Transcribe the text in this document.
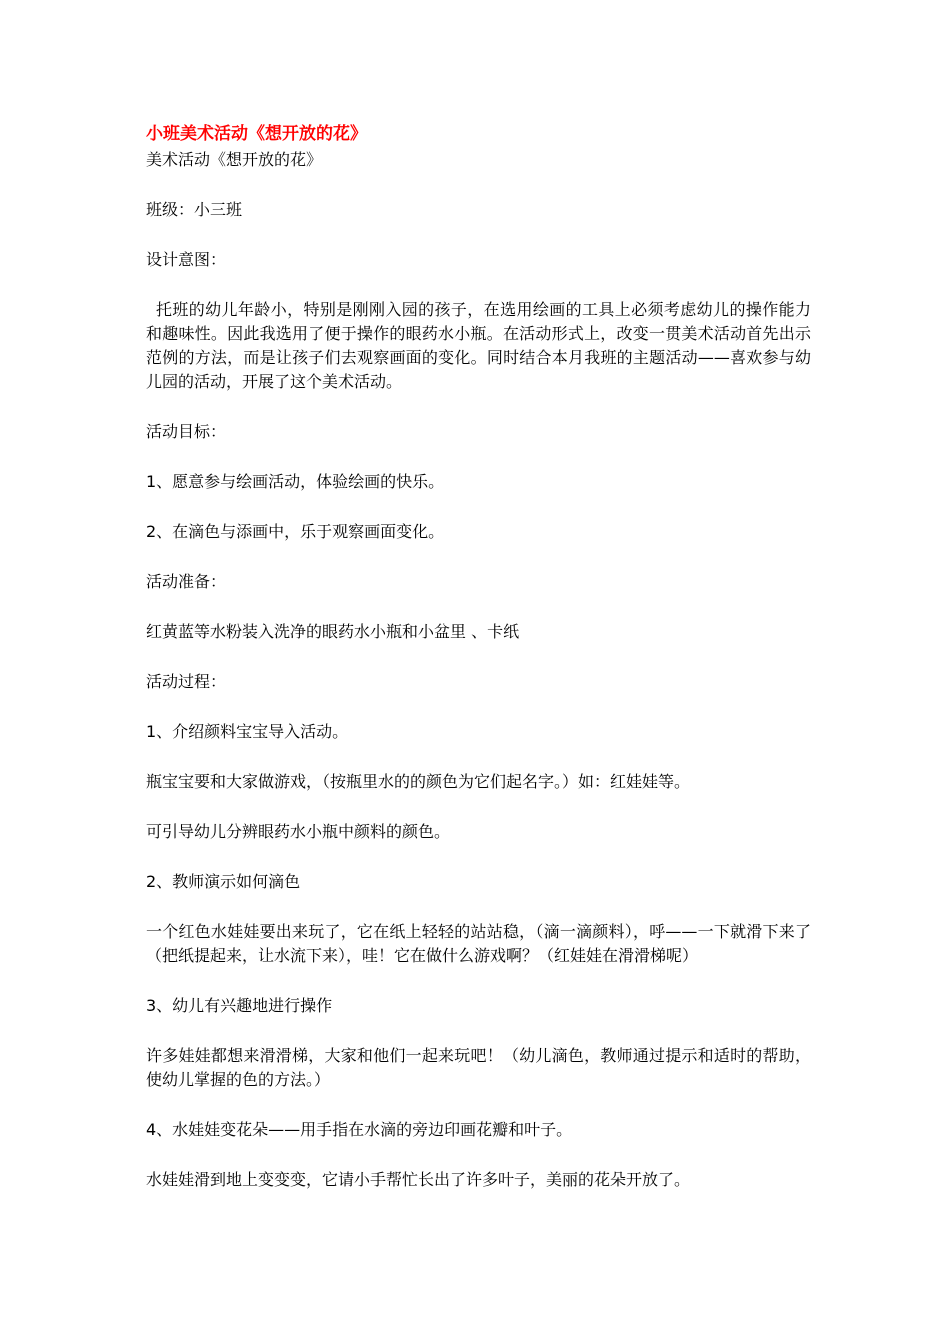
小班美术活动《想开放的花》

美术活动《想开放的花》

班级：小三班

设计意图：

托班的幼儿年龄小，特别是刚刚入园的孩子，在选用绘画的工具上必须考虑幼儿的操作能力和趣味性。因此我选用了便于操作的眼药水小瓶。在活动形式上，改变一贯美术活动首先出示范例的方法，而是让孩子们去观察画面的变化。同时结合本月我班的主题活动——喜欢参与幼儿园的活动，开展了这个美术活动。

活动目标：

1、愿意参与绘画活动，体验绘画的快乐。

2、在滴色与添画中，乐于观察画面变化。

活动准备：

红黄蓝等水粉装入洗净的眼药水小瓶和小盆里 、卡纸

活动过程：

1、介绍颜料宝宝导入活动。

瓶宝宝要和大家做游戏，（按瓶里水的的颜色为它们起名字。）如：红娃娃等。

可引导幼儿分辨眼药水小瓶中颜料的颜色。

2、教师演示如何滴色

一个红色水娃娃要出来玩了，它在纸上轻轻的站站稳，（滴一滴颜料），呼——一下就滑下来了（把纸提起来，让水流下来），哇！它在做什么游戏啊？（红娃娃在滑滑梯呢）

3、幼儿有兴趣地进行操作

许多娃娃都想来滑滑梯，大家和他们一起来玩吧！（幼儿滴色，教师通过提示和适时的帮助，使幼儿掌握的色的方法。）

4、水娃娃变花朵——用手指在水滴的旁边印画花瓣和叶子。

水娃娃滑到地上变变变，它请小手帮忙长出了许多叶子，美丽的花朵开放了。
